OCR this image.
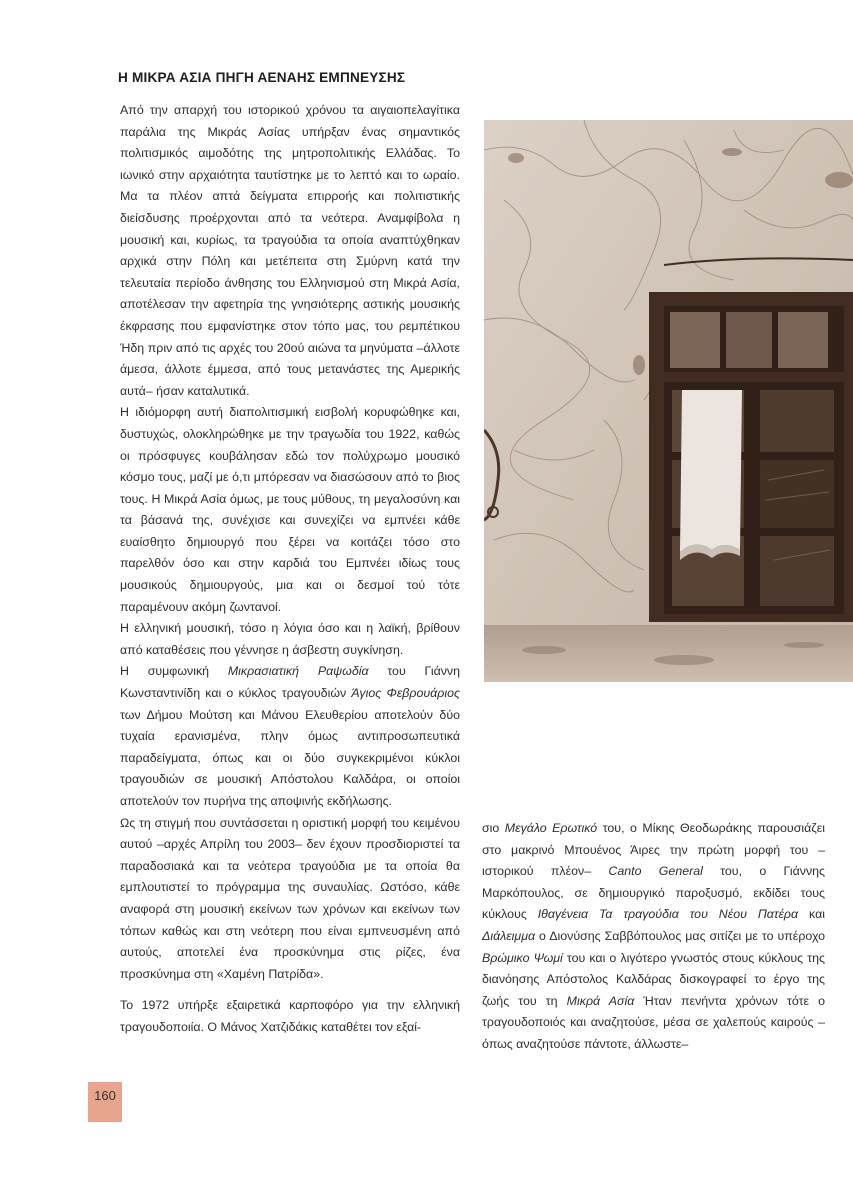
Η ΜΙΚΡΑ ΑΣΙΑ ΠΗΓΗ ΑΕΝΑΗΣ ΕΜΠΝΕΥΣΗΣ

Από την απαρχή του ιστορικού χρόνου τα αιγαιοπελαγίτικα παράλια της Μικράς Ασίας υπήρξαν ένας σημαντικός πολιτισμικός αιμοδότης της μητροπολιτικής Ελλάδας. Το ιωνικό στην αρχαιότητα ταυτίστηκε με το λεπτό και το ωραίο. Μα τα πλέον απτά δείγματα επιρροής και πολιτιστικής διείσδυσης προέρχονται από τα νεότερα. Αναμφίβολα η μουσική και, κυρίως, τα τραγούδια τα οποία αναπτύχθηκαν αρχικά στην Πόλη και μετέπειτα στη Σμύρνη κατά την τελευταία περίοδο άνθησης του Ελληνισμού στη Μικρά Ασία, αποτέλεσαν την αφετηρία της γνησιότερης αστικής μουσικής έκφρασης που εμφανίστηκε στον τόπο μας, του ρεμπέτικου Ήδη πριν από τις αρχές του 20ού αιώνα τα μηνύματα –άλλοτε άμεσα, άλλοτε έμμεσα, από τους μετανάστες της Αμερικής αυτά– ήσαν καταλυτικά.

Η ιδιόμορφη αυτή διαπολιτισμική εισβολή κορυφώθηκε και, δυστυχώς, ολοκληρώθηκε με την τραγωδία του 1922, καθώς οι πρόσφυγες κουβάλησαν εδώ τον πολύχρωμο μουσικό κόσμο τους, μαζί με ό,τι μπόρεσαν να διασώσουν από το βιος τους. Η Μικρά Ασία όμως, με τους μύθους, τη μεγαλοσύνη και τα βάσανά της, συνέχισε και συνεχίζει να εμπνέει κάθε ευαίσθητο δημιουργό που ξέρει να κοιτάζει τόσο στο παρελθόν όσο και στην καρδιά του Εμπνέει ιδίως τους μουσικούς δημιουργούς, μια και οι δεσμοί τού τότε παραμένουν ακόμη ζωντανοί.

Η ελληνική μουσική, τόσο η λόγια όσο και η λαϊκή, βρίθουν από καταθέσεις που γέννησε η άσβεστη συγκίνηση.

Η συμφωνική Μικρασιατική Ραψωδία του Γιάννη Κωνσταντινίδη και ο κύκλος τραγουδιών Άγιος Φεβρουάριος των Δήμου Μούτση και Μάνου Ελευθερίου αποτελούν δύο τυχαία ερανισμένα, πλην όμως αντιπροσωπευτικά παραδείγματα, όπως και οι δύο συγκεκριμένοι κύκλοι τραγουδιών σε μουσική Απόστολου Καλδάρα, οι οποίοι αποτελούν τον πυρήνα της αποψινής εκδήλωσης.

Ως τη στιγμή που συντάσσεται η οριστική μορφή του κειμένου αυτού –αρχές Απρίλη του 2003– δεν έχουν προσδιοριστεί τα παραδοσιακά και τα νεότερα τραγούδια με τα οποία θα εμπλουτιστεί το πρόγραμμα της συναυλίας. Ωστόσο, κάθε αναφορά στη μουσική εκείνων των χρόνων και εκείνων των τόπων καθώς και στη νεότερη που είναι εμπνευσμένη από αυτούς, αποτελεί ένα προσκύνημα στις ρίζες, ένα προσκύνημα στη «Χαμένη Πατρίδα».

Το 1972 υπήρξε εξαιρετικά καρποφόρο για την ελληνική τραγουδοποιία. Ο Μάνος Χατζιδάκις καταθέτει τον εξαί-

σιο Μεγάλο Ερωτικό του, ο Μίκης Θεοδωράκης παρουσιάζει στο μακρινό Μπουένος Άιρες την πρώτη μορφή του –ιστορικού πλέον– Canto General του, ο Γιάννης Μαρκόπουλος, σε δημιουργικό παροξυσμό, εκδίδει τους κύκλους Ιθαγένεια Τα τραγούδια του Νέου Πατέρα και Διάλειμμα ο Διονύσης Σαββόπουλος μας σιτίζει με το υπέροχο Βρώμικο Ψωμί του και ο λιγότερο γνωστός στους κύκλους της διανόησης Απόστολος Καλδάρας δισκογραφεί το έργο της ζωής του τη Μικρά Ασία Ήταν πενήντα χρόνων τότε ο τραγουδοποιός και αναζητούσε, μέσα σε χαλεπούς καιρούς –όπως αναζητούσε πάντοτε, άλλωστε–

160
